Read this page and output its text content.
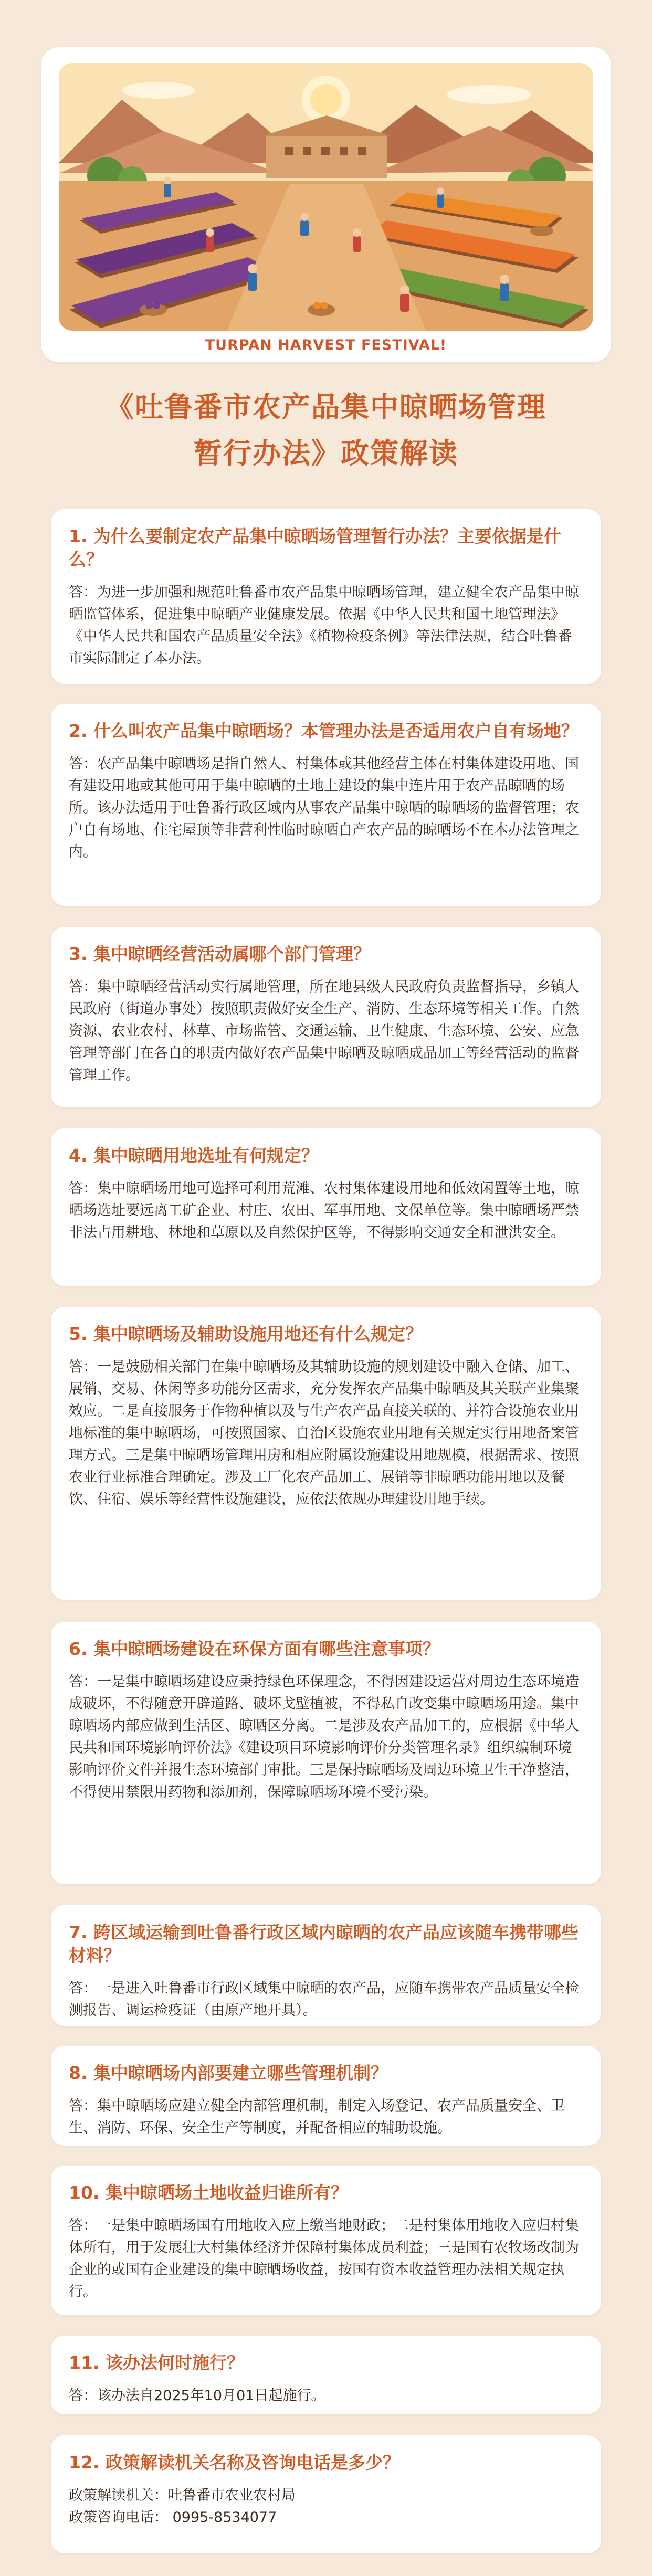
TURPAN HARVEST FESTIVAL!
《吐鲁番市农产品集中晾晒场管理
暂行办法》政策解读
1. 为什么要制定农产品集中晾晒场管理暂行办法？主要依据是什么？
答：为进一步加强和规范吐鲁番市农产品集中晾晒场管理，建立健全农产品集中晾晒监管体系，促进集中晾晒产业健康发展。依据《中华人民共和国土地管理法》《中华人民共和国农产品质量安全法》《植物检疫条例》等法律法规，结合吐鲁番市实际制定了本办法。
2. 什么叫农产品集中晾晒场？本管理办法是否适用农户自有场地？
答：农产品集中晾晒场是指自然人、村集体或其他经营主体在村集体建设用地、国有建设用地或其他可用于集中晾晒的土地上建设的集中连片用于农产品晾晒的场所。该办法适用于吐鲁番行政区域内从事农产品集中晾晒的晾晒场的监督管理；农户自有场地、住宅屋顶等非营利性临时晾晒自产农产品的晾晒场不在本办法管理之内。
3. 集中晾晒经营活动属哪个部门管理？
答：集中晾晒经营活动实行属地管理，所在地县级人民政府负责监督指导，乡镇人民政府（街道办事处）按照职责做好安全生产、消防、生态环境等相关工作。自然资源、农业农村、林草、市场监管、交通运输、卫生健康、生态环境、公安、应急管理等部门在各自的职责内做好农产品集中晾晒及晾晒成品加工等经营活动的监督管理工作。
4. 集中晾晒用地选址有何规定？
答：集中晾晒场用地可选择可利用荒滩、农村集体建设用地和低效闲置等土地，晾晒场选址要远离工矿企业、村庄、农田、军事用地、文保单位等。集中晾晒场严禁非法占用耕地、林地和草原以及自然保护区等，不得影响交通安全和泄洪安全。
5. 集中晾晒场及辅助设施用地还有什么规定？
答：一是鼓励相关部门在集中晾晒场及其辅助设施的规划建设中融入仓储、加工、展销、交易、休闲等多功能分区需求，充分发挥农产品集中晾晒及其关联产业集聚效应。二是直接服务于作物种植以及与生产农产品直接关联的、并符合设施农业用地标准的集中晾晒场，可按照国家、自治区设施农业用地有关规定实行用地备案管理方式。三是集中晾晒场管理用房和相应附属设施建设用地规模，根据需求、按照农业行业标准合理确定。涉及工厂化农产品加工、展销等非晾晒功能用地以及餐饮、住宿、娱乐等经营性设施建设，应依法依规办理建设用地手续。
6. 集中晾晒场建设在环保方面有哪些注意事项？
答：一是集中晾晒场建设应秉持绿色环保理念，不得因建设运营对周边生态环境造成破坏，不得随意开辟道路、破坏戈壁植被，不得私自改变集中晾晒场用途。集中晾晒场内部应做到生活区、晾晒区分离。二是涉及农产品加工的，应根据《中华人民共和国环境影响评价法》《建设项目环境影响评价分类管理名录》组织编制环境影响评价文件并报生态环境部门审批。三是保持晾晒场及周边环境卫生干净整洁，不得使用禁限用药物和添加剂，保障晾晒场环境不受污染。
7. 跨区域运输到吐鲁番行政区域内晾晒的农产品应该随车携带哪些材料？
答：一是进入吐鲁番市行政区域集中晾晒的农产品，应随车携带农产品质量安全检测报告、调运检疫证（由原产地开具）。
8. 集中晾晒场内部要建立哪些管理机制？
答：集中晾晒场应建立健全内部管理机制，制定入场登记、农产品质量安全、卫生、消防、环保、安全生产等制度，并配备相应的辅助设施。
10. 集中晾晒场土地收益归谁所有？
答：一是集中晾晒场国有用地收入应上缴当地财政；二是村集体用地收入应归村集体所有，用于发展壮大村集体经济并保障村集体成员利益；三是国有农牧场改制为企业的或国有企业建设的集中晾晒场收益，按国有资本收益管理办法相关规定执行。
11. 该办法何时施行？
答：该办法自2025年10月01日起施行。
12. 政策解读机关名称及咨询电话是多少？
政策解读机关：吐鲁番市农业农村局
政策咨询电话： 0995-8534077
